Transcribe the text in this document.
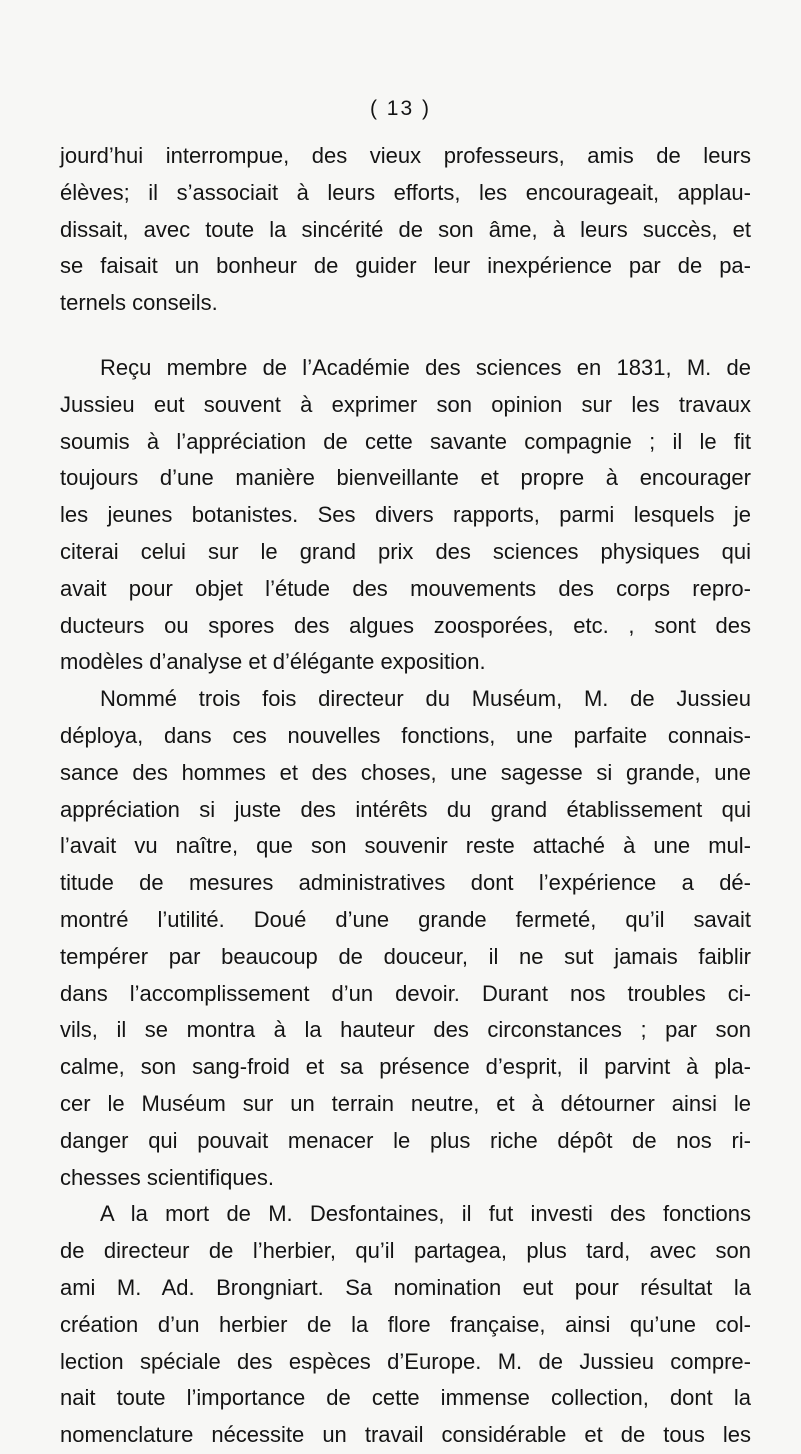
( 13 )
jourd’hui interrompue, des vieux professeurs, amis de leurs
élèves; il s’associait à leurs efforts, les encourageait, applau-
dissait, avec toute la sincérité de son âme, à leurs succès, et
se faisait un bonheur de guider leur inexpérience par de pa-
ternels conseils.
Reçu membre de l’Académie des sciences en 1831, M. de
Jussieu eut souvent à exprimer son opinion sur les travaux
soumis à l’appréciation de cette savante compagnie ; il le fit
toujours d’une manière bienveillante et propre à encourager
les jeunes botanistes. Ses divers rapports, parmi lesquels je
citerai celui sur le grand prix des sciences physiques qui
avait pour objet l’étude des mouvements des corps repro-
ducteurs ou spores des algues zoosporées, etc. , sont des
modèles d’analyse et d’élégante exposition.
Nommé trois fois directeur du Muséum, M. de Jussieu
déploya, dans ces nouvelles fonctions, une parfaite connais-
sance des hommes et des choses, une sagesse si grande, une
appréciation si juste des intérêts du grand établissement qui
l’avait vu naître, que son souvenir reste attaché à une mul-
titude de mesures administratives dont l’expérience a dé-
montré l’utilité. Doué d’une grande fermeté, qu’il savait
tempérer par beaucoup de douceur, il ne sut jamais faiblir
dans l’accomplissement d’un devoir. Durant nos troubles ci-
vils, il se montra à la hauteur des circonstances ; par son
calme, son sang-froid et sa présence d’esprit, il parvint à pla-
cer le Muséum sur un terrain neutre, et à détourner ainsi le
danger qui pouvait menacer le plus riche dépôt de nos ri-
chesses scientifiques.
A la mort de M. Desfontaines, il fut investi des fonctions
de directeur de l’herbier, qu’il partagea, plus tard, avec son
ami M. Ad. Brongniart. Sa nomination eut pour résultat la
création d’un herbier de la flore française, ainsi qu’une col-
lection spéciale des espèces d’Europe. M. de Jussieu compre-
nait toute l’importance de cette immense collection, dont la
nomenclature nécessite un travail considérable et de tous les
